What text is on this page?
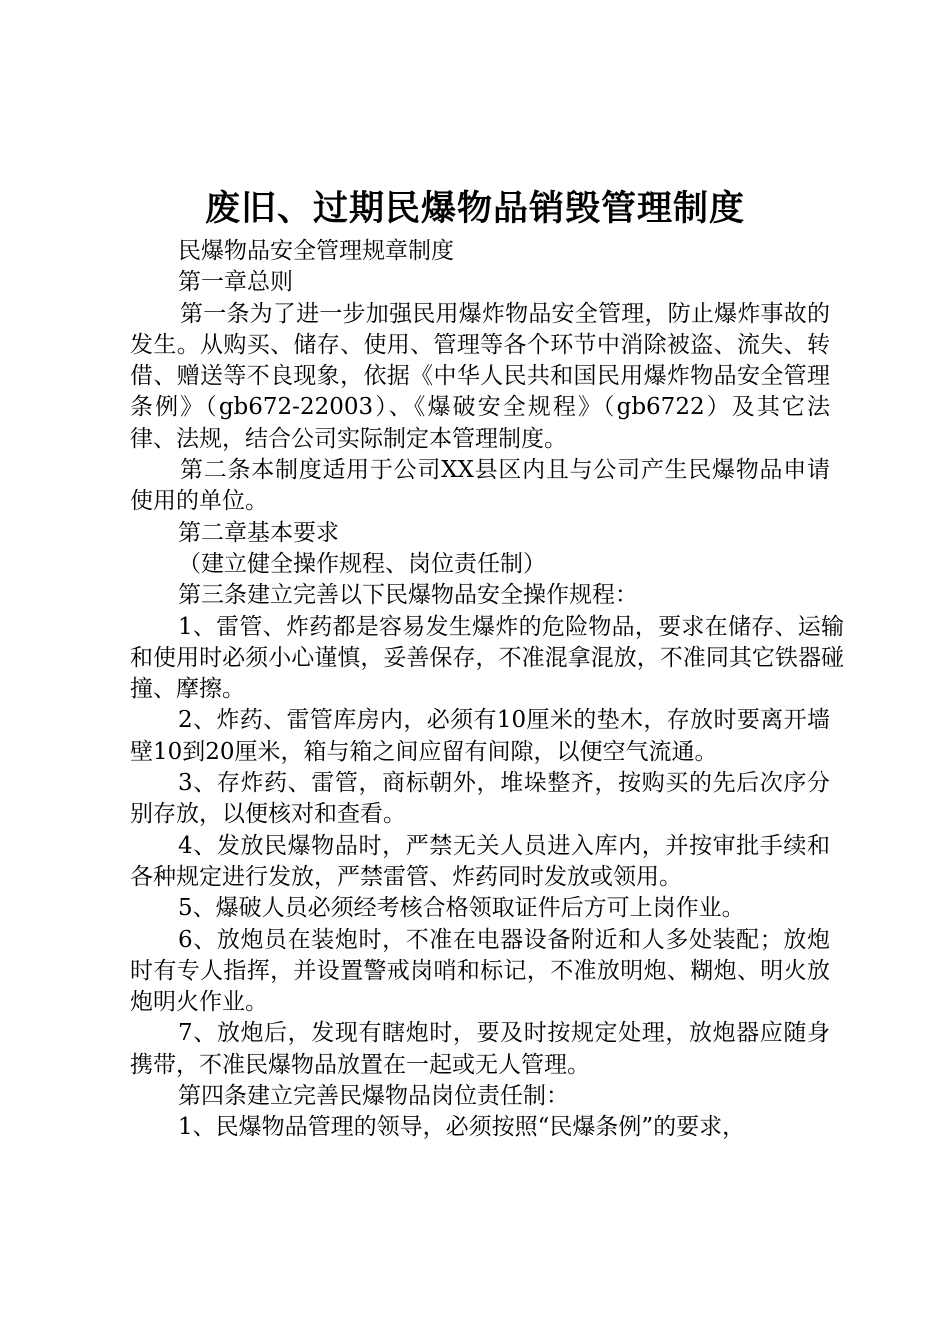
废旧、过期民爆物品销毁管理制度

民爆物品安全管理规章制度

第一章总则

第一条为了进一步加强民用爆炸物品安全管理，防止爆炸事故的发生。从购买、储存、使用、管理等各个环节中消除被盗、流失、转借、赠送等不良现象，依据《中华人民共和国民用爆炸物品安全管理条例》（gb672-22003）、《爆破安全规程》（gb6722）及其它法律、法规，结合公司实际制定本管理制度。

第二条本制度适用于公司XX县区内且与公司产生民爆物品申请使用的单位。

第二章基本要求

（建立健全操作规程、岗位责任制）

第三条建立完善以下民爆物品安全操作规程：

1、雷管、炸药都是容易发生爆炸的危险物品，要求在储存、运输和使用时必须小心谨慎，妥善保存，不准混拿混放，不准同其它铁器碰撞、摩擦。

2、炸药、雷管库房内，必须有10厘米的垫木，存放时要离开墙壁10到20厘米，箱与箱之间应留有间隙，以便空气流通。

3、存炸药、雷管，商标朝外，堆垛整齐，按购买的先后次序分别存放，以便核对和查看。

4、发放民爆物品时，严禁无关人员进入库内，并按审批手续和各种规定进行发放，严禁雷管、炸药同时发放或领用。

5、爆破人员必须经考核合格领取证件后方可上岗作业。

6、放炮员在装炮时，不准在电器设备附近和人多处装配；放炮时有专人指挥，并设置警戒岗哨和标记，不准放明炮、糊炮、明火放炮明火作业。

7、放炮后，发现有瞎炮时，要及时按规定处理，放炮器应随身携带，不准民爆物品放置在一起或无人管理。

第四条建立完善民爆物品岗位责任制：

1、民爆物品管理的领导，必须按照“民爆条例”的要求，
